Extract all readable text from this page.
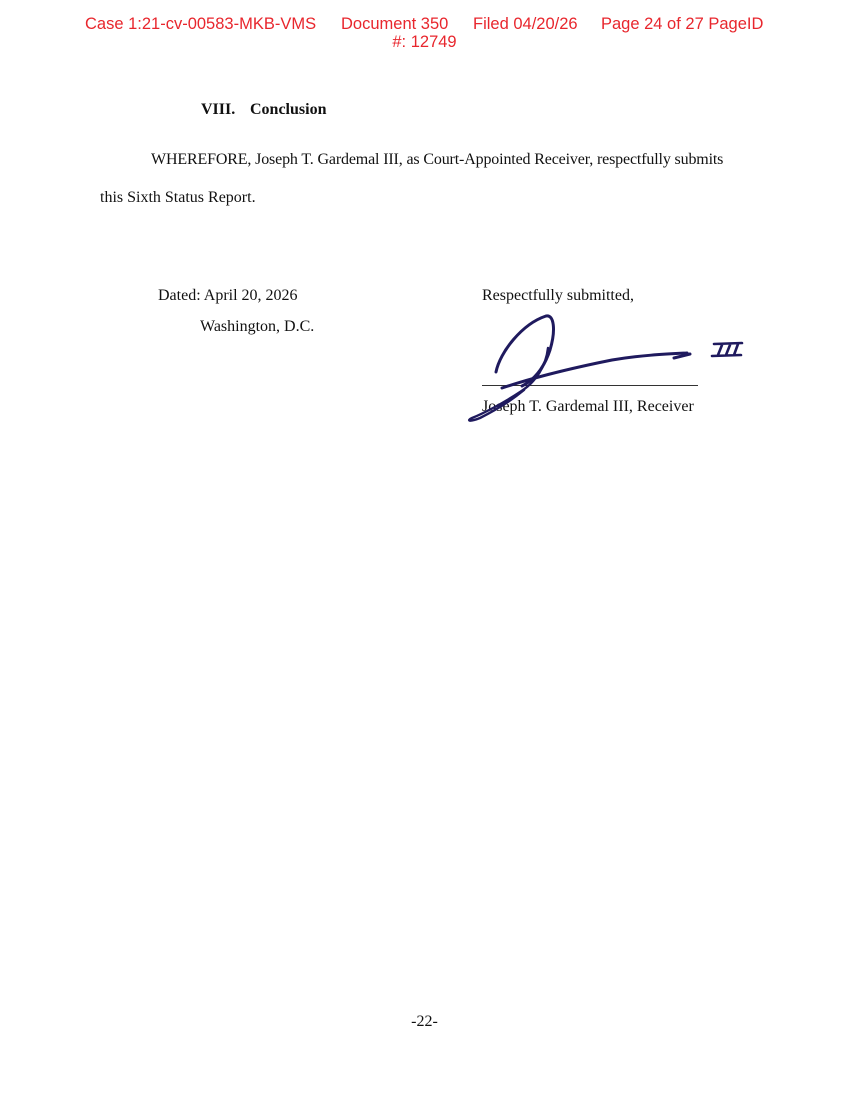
Case 1:21-cv-00583-MKB-VMS Document 350 Filed 04/20/26 Page 24 of 27 PageID
#: 12749
VIII. Conclusion
WHEREFORE, Joseph T. Gardemal III, as Court-Appointed Receiver, respectfully submits
this Sixth Status Report.
Dated: April 20, 2026
Washington, D.C.
Respectfully submitted,
Joseph T. Gardemal III, Receiver
-22-
